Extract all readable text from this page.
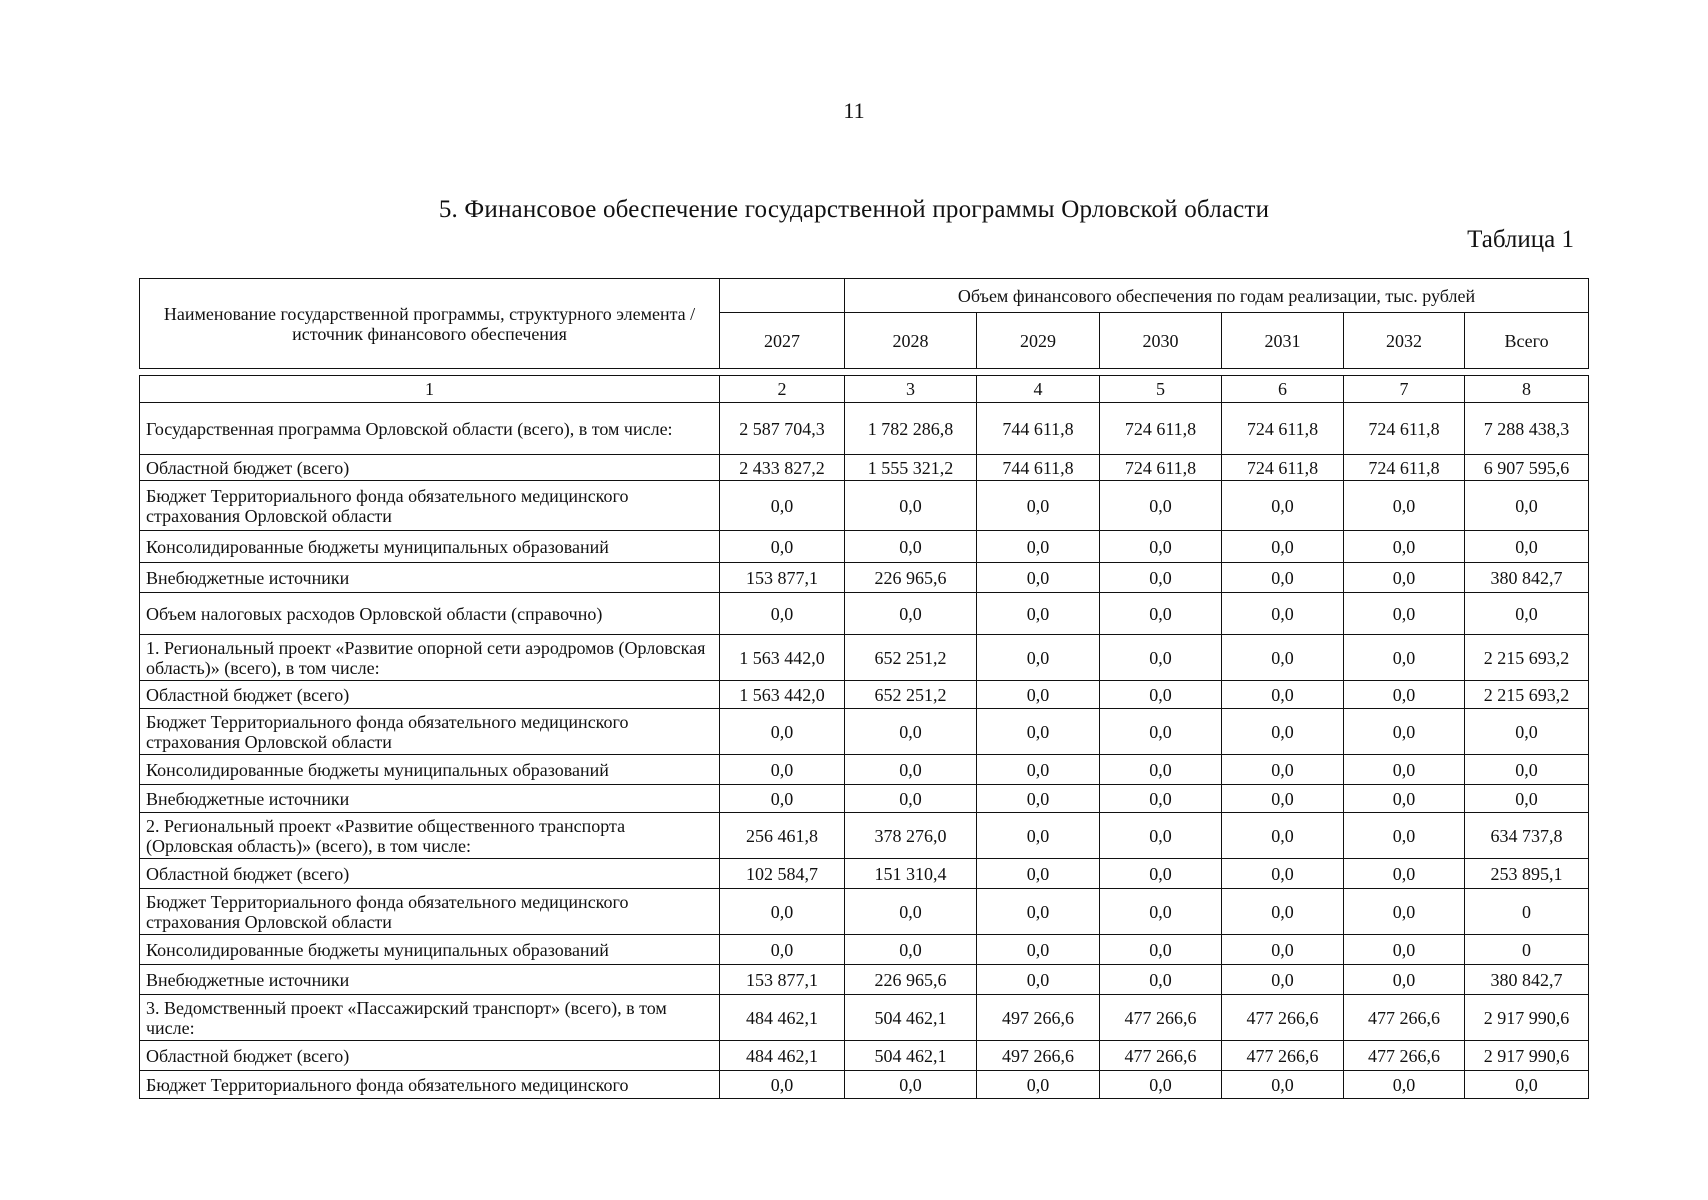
11
5. Финансовое обеспечение государственной программы Орловской области
Таблица 1
Наименование государственной программы, структурного элемента / источник финансового обеспечения		Объем финансового обеспечения по годам реализации, тыс. рублей					
	2027	2028	2029	2030	2031	2032	Всего

1	2	3	4	5	6	7	8
Государственная программа Орловской области (всего), в том числе:	2 587 704,3	1 782 286,8	744 611,8	724 611,8	724 611,8	724 611,8	7 288 438,3
Областной бюджет (всего)	2 433 827,2	1 555 321,2	744 611,8	724 611,8	724 611,8	724 611,8	6 907 595,6
Бюджет Территориального фонда обязательного медицинского страхования Орловской области	0,0	0,0	0,0	0,0	0,0	0,0	0,0
Консолидированные бюджеты муниципальных образований	0,0	0,0	0,0	0,0	0,0	0,0	0,0
Внебюджетные источники	153 877,1	226 965,6	0,0	0,0	0,0	0,0	380 842,7
Объем налоговых расходов Орловской области (справочно)	0,0	0,0	0,0	0,0	0,0	0,0	0,0
1. Региональный проект «Развитие опорной сети аэродромов (Орловская область)» (всего), в том числе:	1 563 442,0	652 251,2	0,0	0,0	0,0	0,0	2 215 693,2
Областной бюджет (всего)	1 563 442,0	652 251,2	0,0	0,0	0,0	0,0	2 215 693,2
Бюджет Территориального фонда обязательного медицинского страхования Орловской области	0,0	0,0	0,0	0,0	0,0	0,0	0,0
Консолидированные бюджеты муниципальных образований	0,0	0,0	0,0	0,0	0,0	0,0	0,0
Внебюджетные источники	0,0	0,0	0,0	0,0	0,0	0,0	0,0
2. Региональный проект «Развитие общественного транспорта (Орловская область)» (всего), в том числе:	256 461,8	378 276,0	0,0	0,0	0,0	0,0	634 737,8
Областной бюджет (всего)	102 584,7	151 310,4	0,0	0,0	0,0	0,0	253 895,1
Бюджет Территориального фонда обязательного медицинского страхования Орловской области	0,0	0,0	0,0	0,0	0,0	0,0	0
Консолидированные бюджеты муниципальных образований	0,0	0,0	0,0	0,0	0,0	0,0	0
Внебюджетные источники	153 877,1	226 965,6	0,0	0,0	0,0	0,0	380 842,7
3. Ведомственный проект «Пассажирский транспорт» (всего), в том числе:	484 462,1	504 462,1	497 266,6	477 266,6	477 266,6	477 266,6	2 917 990,6
Областной бюджет (всего)	484 462,1	504 462,1	497 266,6	477 266,6	477 266,6	477 266,6	2 917 990,6
Бюджет Территориального фонда обязательного медицинского	0,0	0,0	0,0	0,0	0,0	0,0	0,0
